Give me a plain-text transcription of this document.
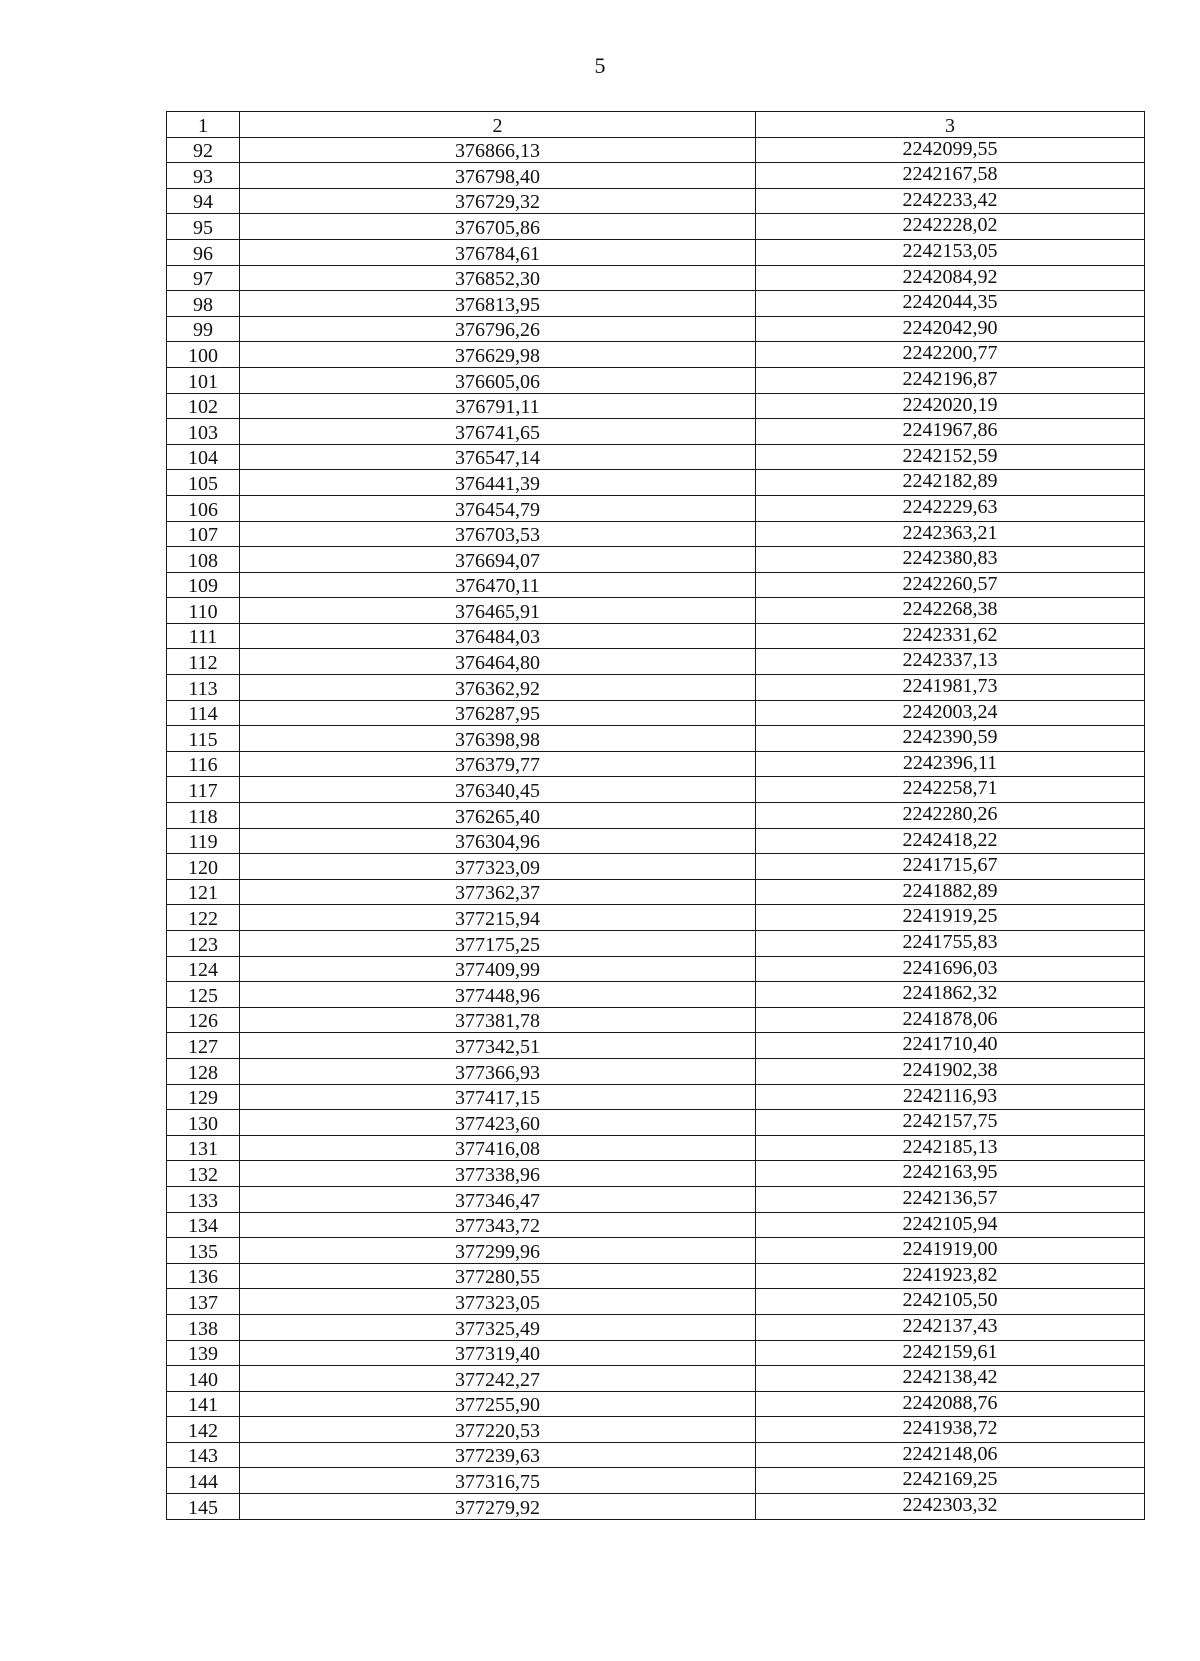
5
1	2	3
92	376866,13	2242099,55
93	376798,40	2242167,58
94	376729,32	2242233,42
95	376705,86	2242228,02
96	376784,61	2242153,05
97	376852,30	2242084,92
98	376813,95	2242044,35
99	376796,26	2242042,90
100	376629,98	2242200,77
101	376605,06	2242196,87
102	376791,11	2242020,19
103	376741,65	2241967,86
104	376547,14	2242152,59
105	376441,39	2242182,89
106	376454,79	2242229,63
107	376703,53	2242363,21
108	376694,07	2242380,83
109	376470,11	2242260,57
110	376465,91	2242268,38
111	376484,03	2242331,62
112	376464,80	2242337,13
113	376362,92	2241981,73
114	376287,95	2242003,24
115	376398,98	2242390,59
116	376379,77	2242396,11
117	376340,45	2242258,71
118	376265,40	2242280,26
119	376304,96	2242418,22
120	377323,09	2241715,67
121	377362,37	2241882,89
122	377215,94	2241919,25
123	377175,25	2241755,83
124	377409,99	2241696,03
125	377448,96	2241862,32
126	377381,78	2241878,06
127	377342,51	2241710,40
128	377366,93	2241902,38
129	377417,15	2242116,93
130	377423,60	2242157,75
131	377416,08	2242185,13
132	377338,96	2242163,95
133	377346,47	2242136,57
134	377343,72	2242105,94
135	377299,96	2241919,00
136	377280,55	2241923,82
137	377323,05	2242105,50
138	377325,49	2242137,43
139	377319,40	2242159,61
140	377242,27	2242138,42
141	377255,90	2242088,76
142	377220,53	2241938,72
143	377239,63	2242148,06
144	377316,75	2242169,25
145	377279,92	2242303,32
